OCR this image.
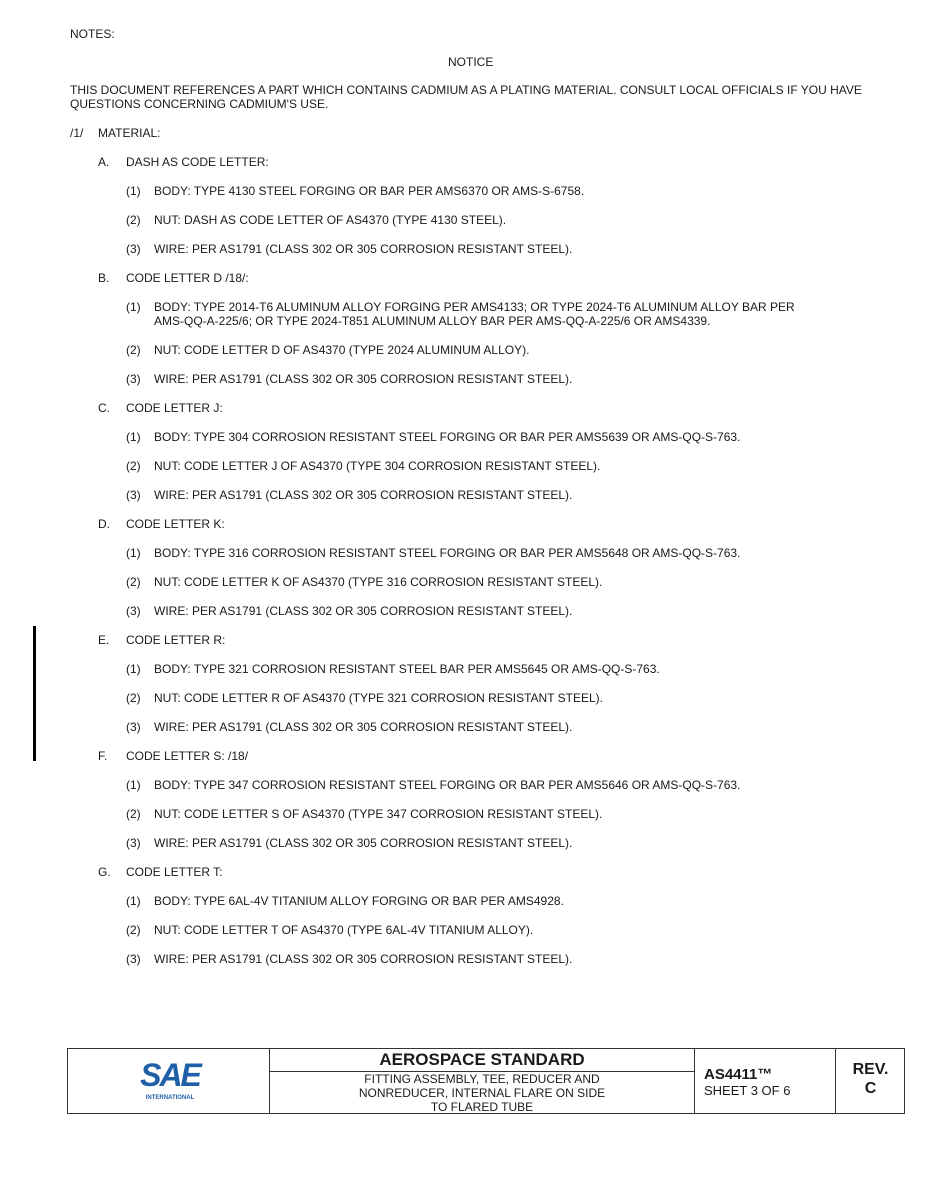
NOTES:
NOTICE
THIS DOCUMENT REFERENCES A PART WHICH CONTAINS CADMIUM AS A PLATING MATERIAL. CONSULT LOCAL OFFICIALS IF YOU HAVE QUESTIONS CONCERNING CADMIUM'S USE.
/1/ MATERIAL:
A. DASH AS CODE LETTER:
(1) BODY: TYPE 4130 STEEL FORGING OR BAR PER AMS6370 OR AMS-S-6758.
(2) NUT: DASH AS CODE LETTER OF AS4370 (TYPE 4130 STEEL).
(3) WIRE: PER AS1791 (CLASS 302 OR 305 CORROSION RESISTANT STEEL).
B. CODE LETTER D /18/:
(1) BODY: TYPE 2014-T6 ALUMINUM ALLOY FORGING PER AMS4133; OR TYPE 2024-T6 ALUMINUM ALLOY BAR PER
AMS-QQ-A-225/6; OR TYPE 2024-T851 ALUMINUM ALLOY BAR PER AMS-QQ-A-225/6 OR AMS4339.
(2) NUT: CODE LETTER D OF AS4370 (TYPE 2024 ALUMINUM ALLOY).
(3) WIRE: PER AS1791 (CLASS 302 OR 305 CORROSION RESISTANT STEEL).
C. CODE LETTER J:
(1) BODY: TYPE 304 CORROSION RESISTANT STEEL FORGING OR BAR PER AMS5639 OR AMS-QQ-S-763.
(2) NUT: CODE LETTER J OF AS4370 (TYPE 304 CORROSION RESISTANT STEEL).
(3) WIRE: PER AS1791 (CLASS 302 OR 305 CORROSION RESISTANT STEEL).
D. CODE LETTER K:
(1) BODY: TYPE 316 CORROSION RESISTANT STEEL FORGING OR BAR PER AMS5648 OR AMS-QQ-S-763.
(2) NUT: CODE LETTER K OF AS4370 (TYPE 316 CORROSION RESISTANT STEEL).
(3) WIRE: PER AS1791 (CLASS 302 OR 305 CORROSION RESISTANT STEEL).
E. CODE LETTER R:
(1) BODY: TYPE 321 CORROSION RESISTANT STEEL BAR PER AMS5645 OR AMS-QQ-S-763.
(2) NUT: CODE LETTER R OF AS4370 (TYPE 321 CORROSION RESISTANT STEEL).
(3) WIRE: PER AS1791 (CLASS 302 OR 305 CORROSION RESISTANT STEEL).
F. CODE LETTER S: /18/
(1) BODY: TYPE 347 CORROSION RESISTANT STEEL FORGING OR BAR PER AMS5646 OR AMS-QQ-S-763.
(2) NUT: CODE LETTER S OF AS4370 (TYPE 347 CORROSION RESISTANT STEEL).
(3) WIRE: PER AS1791 (CLASS 302 OR 305 CORROSION RESISTANT STEEL).
G. CODE LETTER T:
(1) BODY: TYPE 6AL-4V TITANIUM ALLOY FORGING OR BAR PER AMS4928.
(2) NUT: CODE LETTER T OF AS4370 (TYPE 6AL-4V TITANIUM ALLOY).
(3) WIRE: PER AS1791 (CLASS 302 OR 305 CORROSION RESISTANT STEEL).
SAE
INTERNATIONAL
AEROSPACE STANDARD
FITTING ASSEMBLY, TEE, REDUCER AND
NONREDUCER, INTERNAL FLARE ON SIDE
TO FLARED TUBE
AS4411™
SHEET 3 OF 6
REV.
C
